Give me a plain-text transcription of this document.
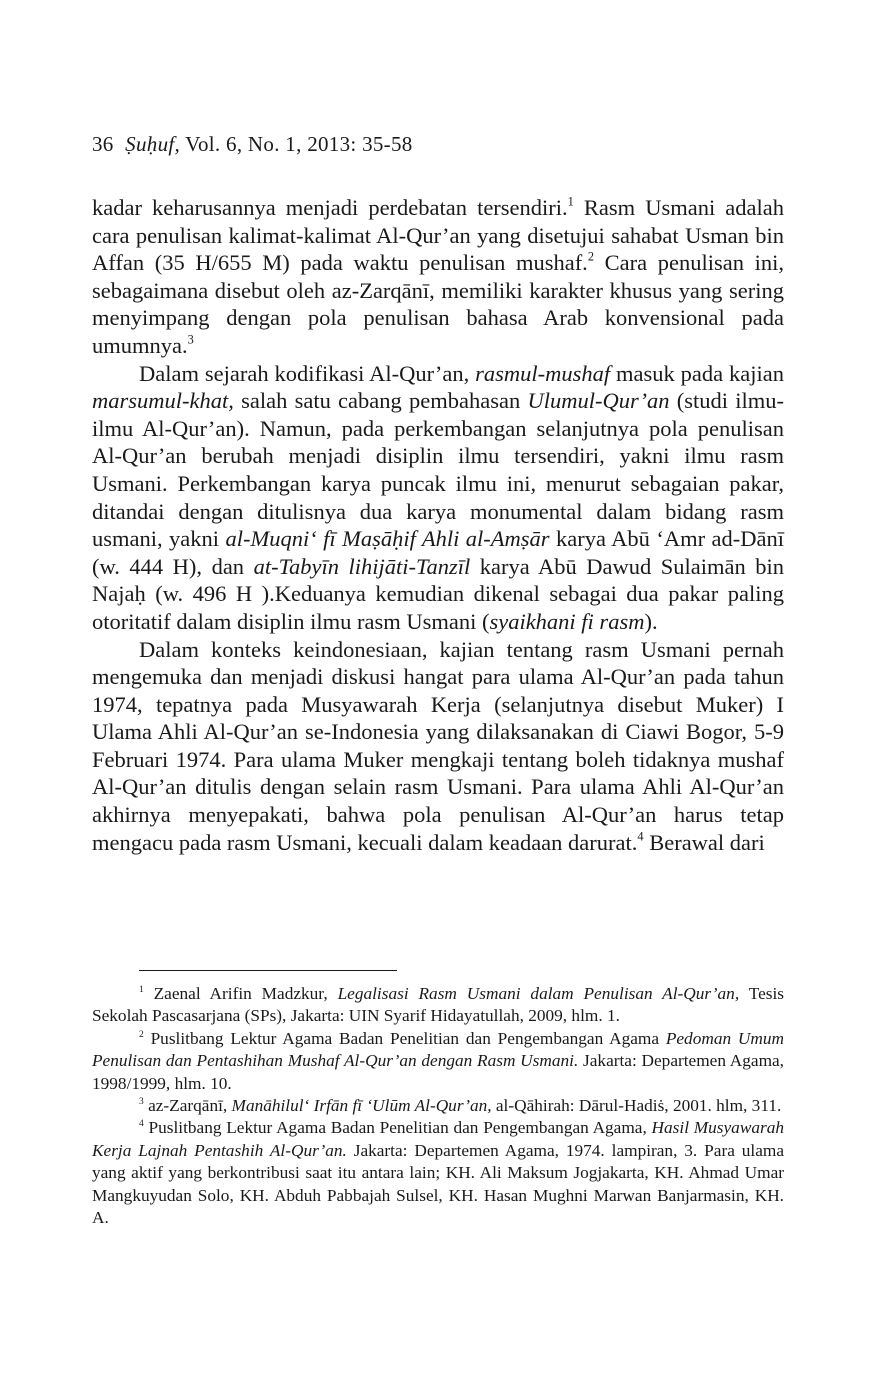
36 Ṣuḥuf, Vol. 6, No. 1, 2013: 35-58

kadar keharusannya menjadi perdebatan tersendiri.$^1$ Rasm Usmani adalah cara penulisan kalimat-kalimat Al-Qur’an yang disetujui sahabat Usman bin Affan (35 H/655 M) pada waktu penulisan mushaf.$^2$ Cara penulisan ini, sebagaimana disebut oleh az-Zarqānī, memiliki karakter khusus yang sering menyimpang dengan pola penulisan bahasa Arab konvensional pada umumnya.$^3$

Dalam sejarah kodifikasi Al-Qur’an, rasmul-mushaf masuk pada kajian marsumul-khat, salah satu cabang pembahasan Ulumul-Qur’an (studi ilmu-ilmu Al-Qur’an). Namun, pada perkembangan selanjutnya pola penulisan Al-Qur’an berubah menjadi disiplin ilmu tersendiri, yakni ilmu rasm Usmani. Perkembangan karya puncak ilmu ini, menurut sebagaian pakar, ditandai dengan ditulisnya dua karya monumental dalam bidang rasm usmani, yakni al-Muqni‘ fī Maṣāḥif Ahli al-Amṣār karya Abū ‘Amr ad-Dānī (w. 444 H), dan at-Tabyīn lihijāti-Tanzīl karya Abū Dawud Sulaimān bin Najaḥ (w. 496 H ).Keduanya kemudian dikenal sebagai dua pakar paling otoritatif dalam disiplin ilmu rasm Usmani (syaikhani fi rasm).

Dalam konteks keindonesiaan, kajian tentang rasm Usmani pernah mengemuka dan menjadi diskusi hangat para ulama Al-Qur’an pada tahun 1974, tepatnya pada Musyawarah Kerja (selanjutnya disebut Muker) I Ulama Ahli Al-Qur’an se-Indonesia yang dilaksanakan di Ciawi Bogor, 5-9 Februari 1974. Para ulama Muker mengkaji tentang boleh tidaknya mushaf Al-Qur’an ditulis dengan selain rasm Usmani. Para ulama Ahli Al-Qur’an akhirnya menyepakati, bahwa pola penulisan Al-Qur’an harus tetap mengacu pada rasm Usmani, kecuali dalam keadaan darurat.$^4$ Berawal dari

$^1$ Zaenal Arifin Madzkur, Legalisasi Rasm Usmani dalam Penulisan Al-Qur’an, Tesis Sekolah Pascasarjana (SPs), Jakarta: UIN Syarif Hidayatullah, 2009, hlm. 1.

$^2$ Puslitbang Lektur Agama Badan Penelitian dan Pengembangan Agama Pedoman Umum Penulisan dan Pentashihan Mushaf Al-Qur’an dengan Rasm Usmani. Jakarta: Departemen Agama, 1998/1999, hlm. 10.

$^3$ az-Zarqānī, Manāhilul‘ Irfān fī ‘Ulūm Al-Qur’an, al-Qāhirah: Dārul-Hadiṡ, 2001. hlm, 311.

$^4$ Puslitbang Lektur Agama Badan Penelitian dan Pengembangan Agama, Hasil Musyawarah Kerja Lajnah Pentashih Al-Qur’an. Jakarta: Departemen Agama, 1974. lampiran, 3. Para ulama yang aktif yang berkontribusi saat itu antara lain; KH. Ali Maksum Jogjakarta, KH. Ahmad Umar Mangkuyudan Solo, KH. Abduh Pabbajah Sulsel, KH. Hasan Mughni Marwan Banjarmasin, KH. A.
